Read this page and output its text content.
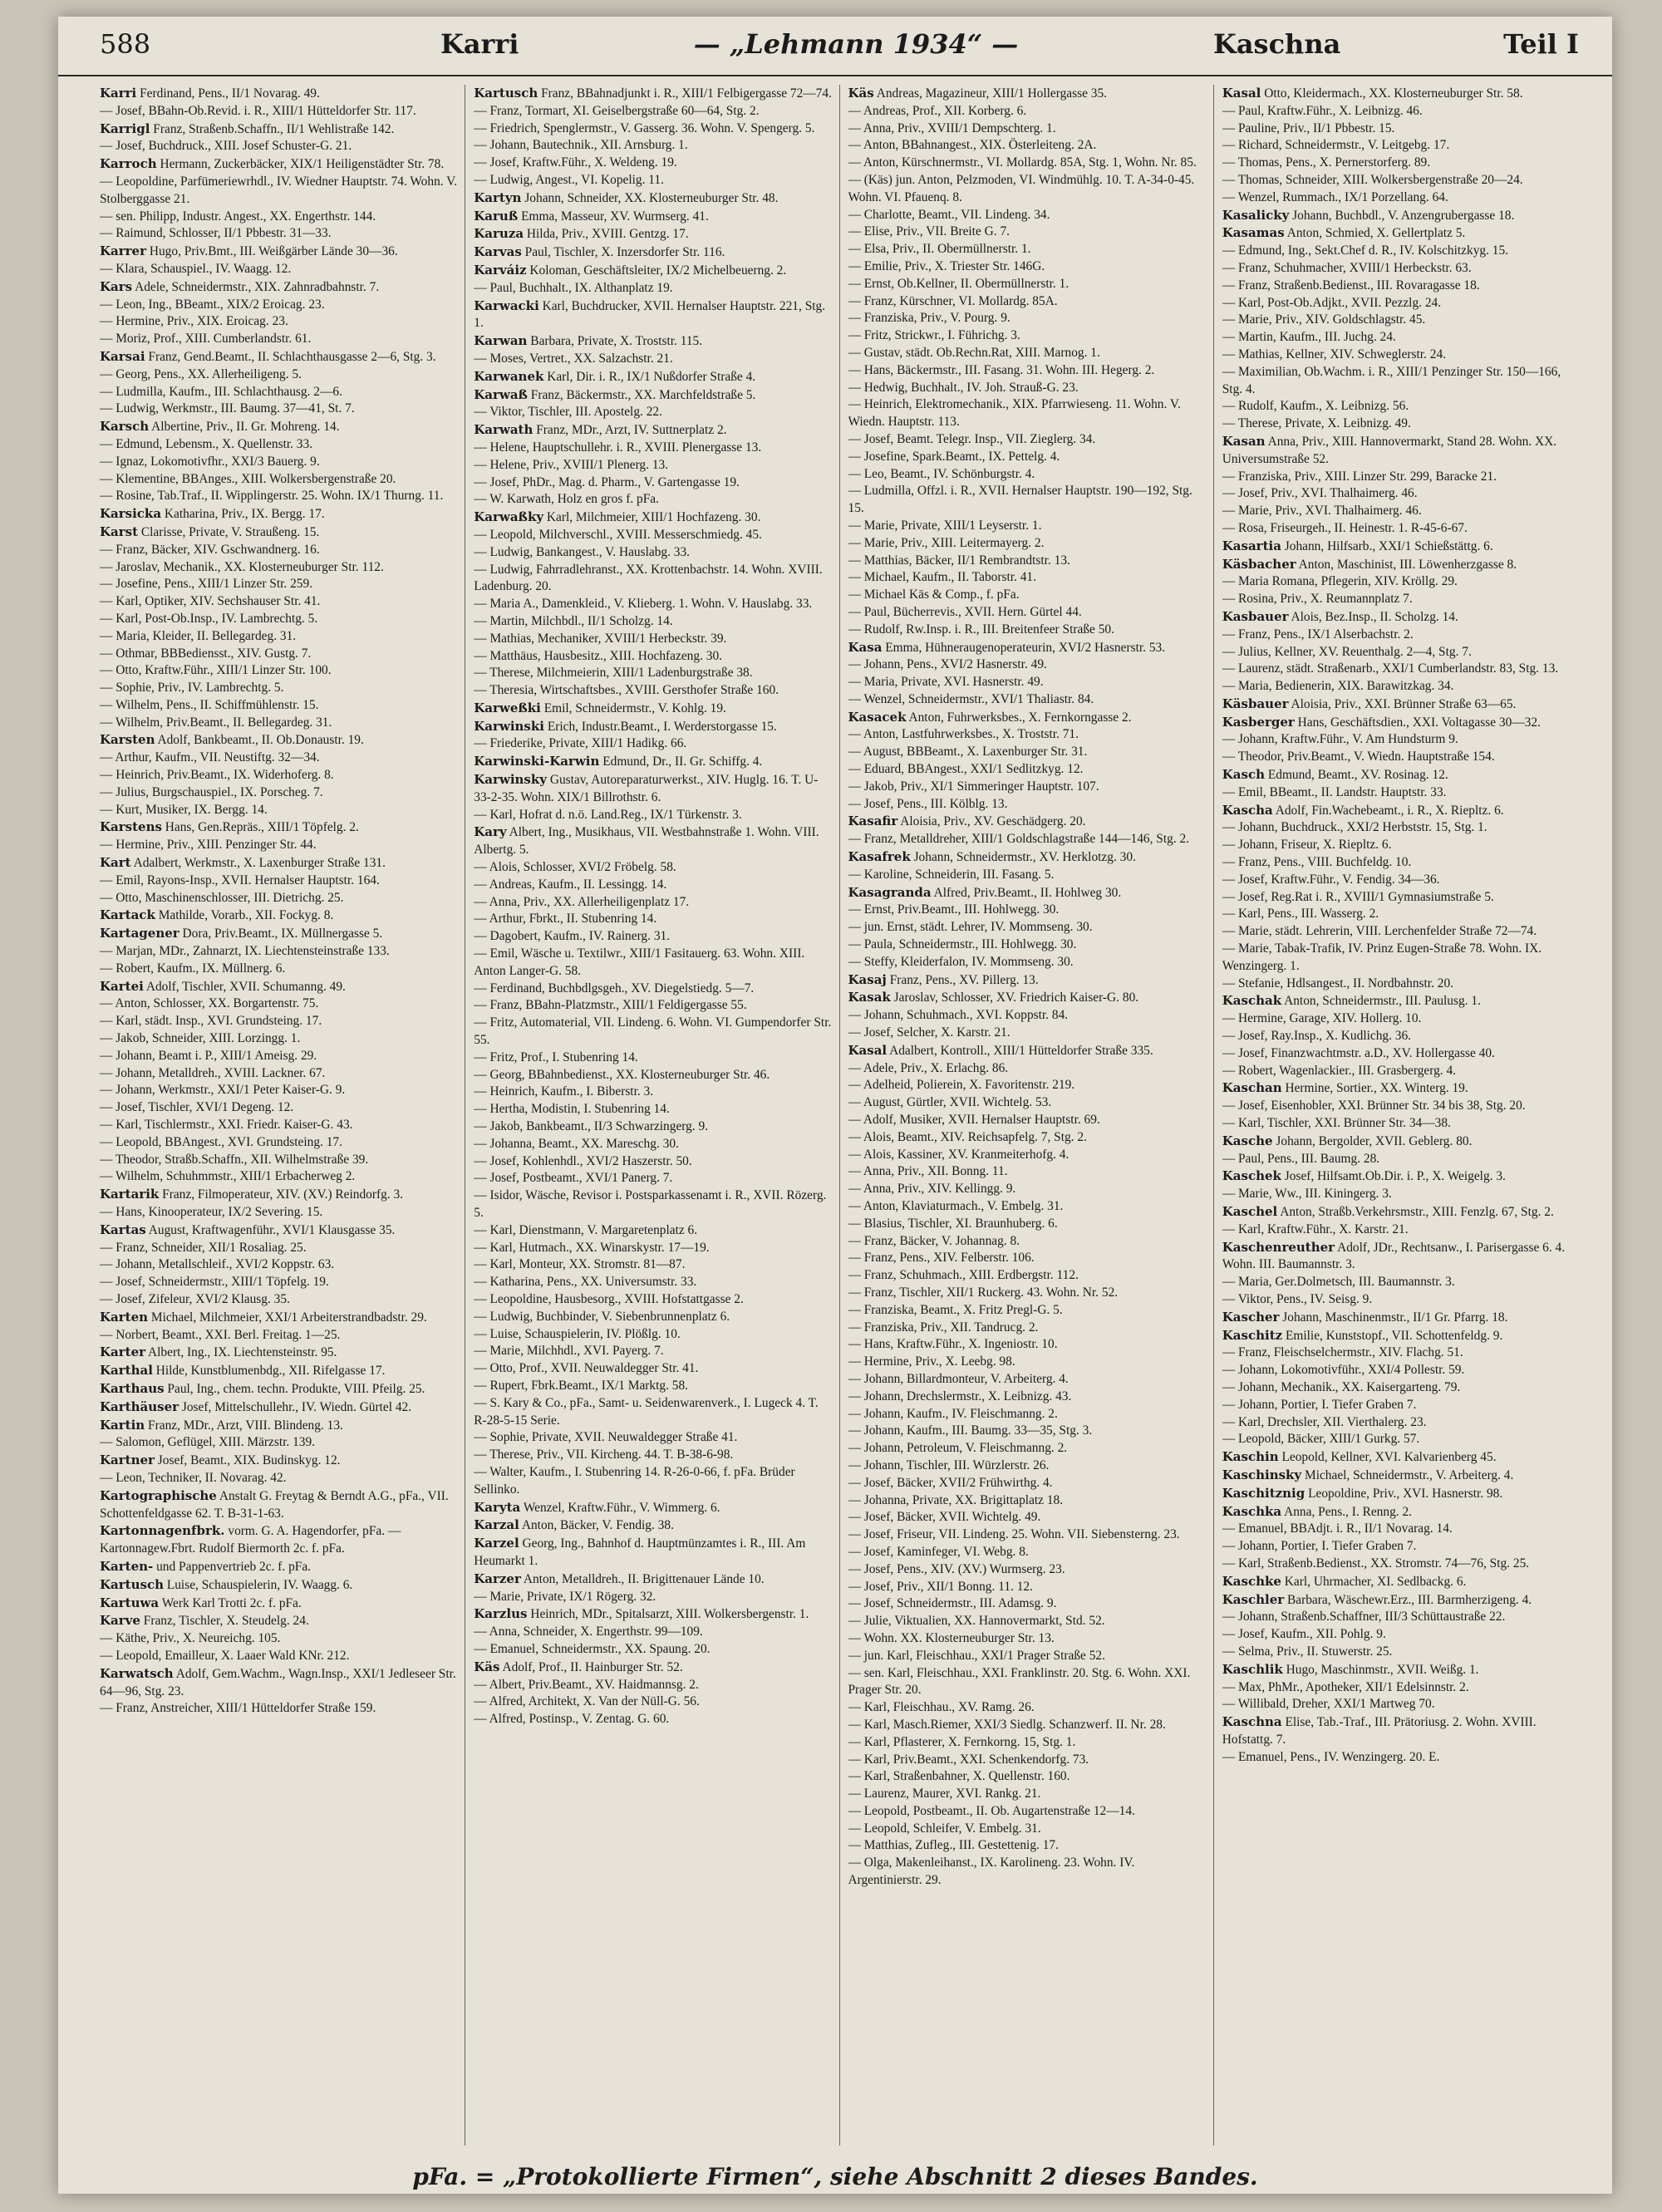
588	Karri	— „Lehmann 1934“ —	Kaschna	Teil I

Karri Ferdinand, Pens., II/1 Novarag. 49.

— Josef, BBahn-Ob.Revid. i. R., XIII/1 Hütteldorfer Str. 117.

Karrigl Franz, Straßenb.Schaffn., II/1 Wehlistraße 142.

— Josef, Buchdruck., XIII. Josef Schuster-G. 21.

Karroch Hermann, Zuckerbäcker, XIX/1 Heiligenstädter Str. 78.

— Leopoldine, Parfümeriewrhdl., IV. Wiedner Hauptstr. 74. Wohn. V. Stolberggasse 21.

— sen. Philipp, Industr. Angest., XX. Engerthstr. 144.

— Raimund, Schlosser, II/1 Pbbestr. 31—33.

Karrer Hugo, Priv.Bmt., III. Weißgärber Lände 30—36.

— Klara, Schauspiel., IV. Waagg. 12.

Kars Adele, Schneidermstr., XIX. Zahnradbahnstr. 7.

— Leon, Ing., BBeamt., XIX/2 Eroicag. 23.

— Hermine, Priv., XIX. Eroicag. 23.

— Moriz, Prof., XIII. Cumberlandstr. 61.

Karsai Franz, Gend.Beamt., II. Schlachthausgasse 2—6, Stg. 3.

— Georg, Pens., XX. Allerheiligeng. 5.

— Ludmilla, Kaufm., III. Schlachthausg. 2—6.

— Ludwig, Werkmstr., III. Baumg. 37—41, St. 7.

Karsch Albertine, Priv., II. Gr. Mohreng. 14.

— Edmund, Lebensm., X. Quellenstr. 33.

— Ignaz, Lokomotivfhr., XXI/3 Bauerg. 9.

— Klementine, BBAnges., XIII. Wolkersbergenstraße 20.

— Rosine, Tab.Traf., II. Wipplingerstr. 25. Wohn. IX/1 Thurng. 11.

Karsicka Katharina, Priv., IX. Bergg. 17.

Karst Clarisse, Private, V. Straußeng. 15.

— Franz, Bäcker, XIV. Gschwandnerg. 16.

— Jaroslav, Mechanik., XX. Klosterneuburger Str. 112.

— Josefine, Pens., XIII/1 Linzer Str. 259.

— Karl, Optiker, XIV. Sechshauser Str. 41.

— Karl, Post-Ob.Insp., IV. Lambrechtg. 5.

— Maria, Kleider, II. Bellegardeg. 31.

— Othmar, BBBediensst., XIV. Gustg. 7.

— Otto, Kraftw.Führ., XIII/1 Linzer Str. 100.

— Sophie, Priv., IV. Lambrechtg. 5.

— Wilhelm, Pens., II. Schiffmühlenstr. 15.

— Wilhelm, Priv.Beamt., II. Bellegardeg. 31.

Karsten Adolf, Bankbeamt., II. Ob.Donaustr. 19.

— Arthur, Kaufm., VII. Neustiftg. 32—34.

— Heinrich, Priv.Beamt., IX. Widerhoferg. 8.

— Julius, Burgschauspiel., IX. Porscheg. 7.

— Kurt, Musiker, IX. Bergg. 14.

Karstens Hans, Gen.Repräs., XIII/1 Töpfelg. 2.

— Hermine, Priv., XIII. Penzinger Str. 44.

Kart Adalbert, Werkmstr., X. Laxenburger Straße 131.

— Emil, Rayons-Insp., XVII. Hernalser Hauptstr. 164.

— Otto, Maschinenschlosser, III. Dietrichg. 25.

Kartack Mathilde, Vorarb., XII. Fockyg. 8.

Kartagener Dora, Priv.Beamt., IX. Müllnergasse 5.

— Marjan, MDr., Zahnarzt, IX. Liechtensteinstraße 133.

— Robert, Kaufm., IX. Müllnerg. 6.

Kartei Adolf, Tischler, XVII. Schumanng. 49.

— Anton, Schlosser, XX. Borgartenstr. 75.

— Karl, städt. Insp., XVI. Grundsteing. 17.

— Jakob, Schneider, XIII. Lorzingg. 1.

— Johann, Beamt i. P., XIII/1 Ameisg. 29.

— Johann, Metalldreh., XVIII. Lackner. 67.

— Johann, Werkmstr., XXI/1 Peter Kaiser-G. 9.

— Josef, Tischler, XVI/1 Degeng. 12.

— Karl, Tischlermstr., XXI. Friedr. Kaiser-G. 43.

— Leopold, BBAngest., XVI. Grundsteing. 17.

— Theodor, Straßb.Schaffn., XII. Wilhelmstraße 39.

— Wilhelm, Schuhmmstr., XIII/1 Erbacherweg 2.

Kartarik Franz, Filmoperateur, XIV. (XV.) Reindorfg. 3.

— Hans, Kinooperateur, IX/2 Severing. 15.

Kartas August, Kraftwagenführ., XVI/1 Klausgasse 35.

— Franz, Schneider, XII/1 Rosaliag. 25.

— Johann, Metallschleif., XVI/2 Koppstr. 63.

— Josef, Schneidermstr., XIII/1 Töpfelg. 19.

— Josef, Zifeleur, XVI/2 Klausg. 35.

Karten Michael, Milchmeier, XXI/1 Arbeiterstrandbadstr. 29.

— Norbert, Beamt., XXI. Berl. Freitag. 1—25.

Karter Albert, Ing., IX. Liechtensteinstr. 95.

Karthal Hilde, Kunstblumenbdg., XII. Rifelgasse 17.

Karthaus Paul, Ing., chem. techn. Produkte, VIII. Pfeilg. 25.

Karthäuser Josef, Mittelschullehr., IV. Wiedn. Gürtel 42.

Kartin Franz, MDr., Arzt, VIII. Blindeng. 13.

— Salomon, Geflügel, XIII. Märzstr. 139.

Kartner Josef, Beamt., XIX. Budinskyg. 12.

— Leon, Techniker, II. Novarag. 42.

Kartographische Anstalt G. Freytag & Berndt A.G., pFa., VII. Schottenfeldgasse 62. T. B-31-1-63.

Kartonnagenfbrk. vorm. G. A. Hagendorfer, pFa. — Kartonnagew.Fbrt. Rudolf Biermorth 2c. f. pFa.

Karten- und Pappenvertrieb 2c. f. pFa.

Kartusch Luise, Schauspielerin, IV. Waagg. 6.

Kartuwa Werk Karl Trotti 2c. f. pFa.

Karve Franz, Tischler, X. Steudelg. 24.

— Käthe, Priv., X. Neureichg. 105.

— Leopold, Emailleur, X. Laaer Wald KNr. 212.

Karwatsch Adolf, Gem.Wachm., Wagn.Insp., XXI/1 Jedleseer Str. 64—96, Stg. 23.

— Franz, Anstreicher, XIII/1 Hütteldorfer Straße 159.

Kartusch Franz, BBahnadjunkt i. R., XIII/1 Felbigergasse 72—74.

— Franz, Tormart, XI. Geiselbergstraße 60—64, Stg. 2.

— Friedrich, Spenglermstr., V. Gasserg. 36. Wohn. V. Spengerg. 5.

— Johann, Bautechnik., XII. Arnsburg. 1.

— Josef, Kraftw.Führ., X. Weldeng. 19.

— Ludwig, Angest., VI. Kopelig. 11.

Kartyn Johann, Schneider, XX. Klosterneuburger Str. 48.

Karuß Emma, Masseur, XV. Wurmserg. 41.

Karuza Hilda, Priv., XVIII. Gentzg. 17.

Karvas Paul, Tischler, X. Inzersdorfer Str. 116.

Karváiz Koloman, Geschäftsleiter, IX/2 Michelbeuerng. 2.

— Paul, Buchhalt., IX. Althanplatz 19.

Karwacki Karl, Buchdrucker, XVII. Hernalser Hauptstr. 221, Stg. 1.

Karwan Barbara, Private, X. Troststr. 115.

— Moses, Vertret., XX. Salzachstr. 21.

Karwanek Karl, Dir. i. R., IX/1 Nußdorfer Straße 4.

Karwaß Franz, Bäckermstr., XX. Marchfeldstraße 5.

— Viktor, Tischler, III. Apostelg. 22.

Karwath Franz, MDr., Arzt, IV. Suttnerplatz 2.

— Helene, Hauptschullehr. i. R., XVIII. Plenergasse 13.

— Helene, Priv., XVIII/1 Plenerg. 13.

— Josef, PhDr., Mag. d. Pharm., V. Gartengasse 19.

— W. Karwath, Holz en gros f. pFa.

Karwaßky Karl, Milchmeier, XIII/1 Hochfazeng. 30.

— Leopold, Milchverschl., XVIII. Messerschmiedg. 45.

— Ludwig, Bankangest., V. Hauslabg. 33.

— Ludwig, Fahrradlehranst., XX. Krottenbachstr. 14. Wohn. XVIII. Ladenburg. 20.

— Maria A., Damenkleid., V. Klieberg. 1. Wohn. V. Hauslabg. 33.

— Martin, Milchbdl., II/1 Scholzg. 14.

— Mathias, Mechaniker, XVIII/1 Herbeckstr. 39.

— Matthäus, Hausbesitz., XIII. Hochfazeng. 30.

— Therese, Milchmeierin, XIII/1 Ladenburgstraße 38.

— Theresia, Wirtschaftsbes., XVIII. Gersthofer Straße 160.

Karweßki Emil, Schneidermstr., V. Kohlg. 19.

Karwinski Erich, Industr.Beamt., I. Werderstorgasse 15.

— Friederike, Private, XIII/1 Hadikg. 66.

Karwinski-Karwin Edmund, Dr., II. Gr. Schiffg. 4.

Karwinsky Gustav, Autoreparaturwerkst., XIV. Huglg. 16. T. U-33-2-35. Wohn. XIX/1 Billrothstr. 6.

— Karl, Hofrat d. n.ö. Land.Reg., IX/1 Türkenstr. 3.

Kary Albert, Ing., Musikhaus, VII. Westbahnstraße 1. Wohn. VIII. Albertg. 5.

— Alois, Schlosser, XVI/2 Fröbelg. 58.

— Andreas, Kaufm., II. Lessingg. 14.

— Anna, Priv., XX. Allerheiligenplatz 17.

— Arthur, Fbrkt., II. Stubenring 14.

— Dagobert, Kaufm., IV. Rainerg. 31.

— Emil, Wäsche u. Textilwr., XIII/1 Fasitauerg. 63. Wohn. XIII. Anton Langer-G. 58.

— Ferdinand, Buchbdlgsgeh., XV. Diegelstiedg. 5—7.

— Franz, BBahn-Platzmstr., XIII/1 Feldigergasse 55.

— Fritz, Automaterial, VII. Lindeng. 6. Wohn. VI. Gumpendorfer Str. 55.

— Fritz, Prof., I. Stubenring 14.

— Georg, BBahnbedienst., XX. Klosterneuburger Str. 46.

— Heinrich, Kaufm., I. Biberstr. 3.

— Hertha, Modistin, I. Stubenring 14.

— Jakob, Bankbeamt., II/3 Schwarzingerg. 9.

— Johanna, Beamt., XX. Mareschg. 30.

— Josef, Kohlenhdl., XVI/2 Haszerstr. 50.

— Josef, Postbeamt., XVI/1 Panerg. 7.

— Isidor, Wäsche, Revisor i. Postsparkassenamt i. R., XVII. Rözerg. 5.

— Karl, Dienstmann, V. Margaretenplatz 6.

— Karl, Hutmach., XX. Winarskystr. 17—19.

— Karl, Monteur, XX. Stromstr. 81—87.

— Katharina, Pens., XX. Universumstr. 33.

— Leopoldine, Hausbesorg., XVIII. Hofstattgasse 2.

— Ludwig, Buchbinder, V. Siebenbrunnenplatz 6.

— Luise, Schauspielerin, IV. Plößlg. 10.

— Marie, Milchhdl., XVI. Payerg. 7.

— Otto, Prof., XVII. Neuwaldegger Str. 41.

— Rupert, Fbrk.Beamt., IX/1 Marktg. 58.

— S. Kary & Co., pFa., Samt- u. Seidenwarenverk., I. Lugeck 4. T. R-28-5-15 Serie.

— Sophie, Private, XVII. Neuwaldegger Straße 41.

— Therese, Priv., VII. Kircheng. 44. T. B-38-6-98.

— Walter, Kaufm., I. Stubenring 14. R-26-0-66, f. pFa. Brüder Sellinko.

Karyta Wenzel, Kraftw.Führ., V. Wimmerg. 6.

Karzal Anton, Bäcker, V. Fendig. 38.

Karzel Georg, Ing., Bahnhof d. Hauptmünzamtes i. R., III. Am Heumarkt 1.

Karzer Anton, Metalldreh., II. Brigittenauer Lände 10.

— Marie, Private, IX/1 Rögerg. 32.

Karzlus Heinrich, MDr., Spitalsarzt, XIII. Wolkersbergenstr. 1.

— Anna, Schneider, X. Engerthstr. 99—109.

— Emanuel, Schneidermstr., XX. Spaung. 20.

Käs Adolf, Prof., II. Hainburger Str. 52.

— Albert, Priv.Beamt., XV. Haidmannsg. 2.

— Alfred, Architekt, X. Van der Nüll-G. 56.

— Alfred, Postinsp., V. Zentag. G. 60.

Käs Andreas, Magazineur, XIII/1 Hollergasse 35.

— Andreas, Prof., XII. Korberg. 6.

— Anna, Priv., XVIII/1 Dempschterg. 1.

— Anton, BBahnangest., XIX. Österleiteng. 2A.

— Anton, Kürschnermstr., VI. Mollardg. 85A, Stg. 1, Wohn. Nr. 85.

— (Käs) jun. Anton, Pelzmoden, VI. Windmühlg. 10. T. A-34-0-45. Wohn. VI. Pfauenq. 8.

— Charlotte, Beamt., VII. Lindeng. 34.

— Elise, Priv., VII. Breite G. 7.

— Elsa, Priv., II. Obermüllnerstr. 1.

— Emilie, Priv., X. Triester Str. 146G.

— Ernst, Ob.Kellner, II. Obermüllnerstr. 1.

— Franz, Kürschner, VI. Mollardg. 85A.

— Franziska, Priv., V. Pourg. 9.

— Fritz, Strickwr., I. Führichg. 3.

— Gustav, städt. Ob.Rechn.Rat, XIII. Marnog. 1.

— Hans, Bäckermstr., III. Fasang. 31. Wohn. III. Hegerg. 2.

— Hedwig, Buchhalt., IV. Joh. Strauß-G. 23.

— Heinrich, Elektromechanik., XIX. Pfarrwieseng. 11. Wohn. V. Wiedn. Hauptstr. 113.

— Josef, Beamt. Telegr. Insp., VII. Zieglerg. 34.

— Josefine, Spark.Beamt., IX. Pettelg. 4.

— Leo, Beamt., IV. Schönburgstr. 4.

— Ludmilla, Offzl. i. R., XVII. Hernalser Hauptstr. 190—192, Stg. 15.

— Marie, Private, XIII/1 Leyserstr. 1.

— Marie, Priv., XIII. Leitermayerg. 2.

— Matthias, Bäcker, II/1 Rembrandtstr. 13.

— Michael, Kaufm., II. Taborstr. 41.

— Michael Käs & Comp., f. pFa.

— Paul, Bücherrevis., XVII. Hern. Gürtel 44.

— Rudolf, Rw.Insp. i. R., III. Breitenfeer Straße 50.

Kasa Emma, Hühneraugenoperateurin, XVI/2 Hasnerstr. 53.

— Johann, Pens., XVI/2 Hasnerstr. 49.

— Maria, Private, XVI. Hasnerstr. 49.

— Wenzel, Schneidermstr., XVI/1 Thaliastr. 84.

Kasacek Anton, Fuhrwerksbes., X. Fernkorngasse 2.

— Anton, Lastfuhrwerksbes., X. Troststr. 71.

— August, BBBeamt., X. Laxenburger Str. 31.

— Eduard, BBAngest., XXI/1 Sedlitzkyg. 12.

— Jakob, Priv., XI/1 Simmeringer Hauptstr. 107.

— Josef, Pens., III. Kölblg. 13.

Kasafir Aloisia, Priv., XV. Geschädgerg. 20.

— Franz, Metalldreher, XIII/1 Goldschlagstraße 144—146, Stg. 2.

Kasafrek Johann, Schneidermstr., XV. Herklotzg. 30.

— Karoline, Schneiderin, III. Fasang. 5.

Kasagranda Alfred, Priv.Beamt., II. Hohlweg 30.

— Ernst, Priv.Beamt., III. Hohlwegg. 30.

— jun. Ernst, städt. Lehrer, IV. Mommseng. 30.

— Paula, Schneidermstr., III. Hohlwegg. 30.

— Steffy, Kleiderfalon, IV. Mommseng. 30.

Kasaj Franz, Pens., XV. Pillerg. 13.

Kasak Jaroslav, Schlosser, XV. Friedrich Kaiser-G. 80.

— Johann, Schuhmach., XVI. Koppstr. 84.

— Josef, Selcher, X. Karstr. 21.

Kasal Adalbert, Kontroll., XIII/1 Hütteldorfer Straße 335.

— Adele, Priv., X. Erlachg. 86.

— Adelheid, Polierein, X. Favoritenstr. 219.

— August, Gürtler, XVII. Wichtelg. 53.

— Adolf, Musiker, XVII. Hernalser Hauptstr. 69.

— Alois, Beamt., XIV. Reichsapfelg. 7, Stg. 2.

— Alois, Kassiner, XV. Kranmeiterhofg. 4.

— Anna, Priv., XII. Bonng. 11.

— Anna, Priv., XIV. Kellingg. 9.

— Anton, Klaviaturmach., V. Embelg. 31.

— Blasius, Tischler, XI. Braunhuberg. 6.

— Franz, Bäcker, V. Johannag. 8.

— Franz, Pens., XIV. Felberstr. 106.

— Franz, Schuhmach., XIII. Erdbergstr. 112.

— Franz, Tischler, XII/1 Ruckerg. 43. Wohn. Nr. 52.

— Franziska, Beamt., X. Fritz Pregl-G. 5.

— Franziska, Priv., XII. Tandrucg. 2.

— Hans, Kraftw.Führ., X. Ingeniostr. 10.

— Hermine, Priv., X. Leebg. 98.

— Johann, Billardmonteur, V. Arbeiterg. 4.

— Johann, Drechslermstr., X. Leibnizg. 43.

— Johann, Kaufm., IV. Fleischmanng. 2.

— Johann, Kaufm., III. Baumg. 33—35, Stg. 3.

— Johann, Petroleum, V. Fleischmanng. 2.

— Johann, Tischler, III. Würzlerstr. 26.

— Josef, Bäcker, XVII/2 Frühwirthg. 4.

— Johanna, Private, XX. Brigittaplatz 18.

— Josef, Bäcker, XVII. Wichtelg. 49.

— Josef, Friseur, VII. Lindeng. 25. Wohn. VII. Siebensterng. 23.

— Josef, Kaminfeger, VI. Webg. 8.

— Josef, Pens., XIV. (XV.) Wurmserg. 23.

— Josef, Priv., XII/1 Bonng. 11. 12.

— Josef, Schneidermstr., III. Adamsg. 9.

— Julie, Viktualien, XX. Hannovermarkt, Std. 52.

— Wohn. XX. Klosterneuburger Str. 13.

— jun. Karl, Fleischhau., XXI/1 Prager Straße 52.

— sen. Karl, Fleischhau., XXI. Franklinstr. 20. Stg. 6. Wohn. XXI. Prager Str. 20.

— Karl, Fleischhau., XV. Ramg. 26.

— Karl, Masch.Riemer, XXI/3 Siedlg. Schanzwerf. II. Nr. 28.

— Karl, Pflasterer, X. Fernkorng. 15, Stg. 1.

— Karl, Priv.Beamt., XXI. Schenkendorfg. 73.

— Karl, Straßenbahner, X. Quellenstr. 160.

— Laurenz, Maurer, XVI. Rankg. 21.

— Leopold, Postbeamt., II. Ob. Augartenstraße 12—14.

— Leopold, Schleifer, V. Embelg. 31.

— Matthias, Zufleg., III. Gestettenig. 17.

— Olga, Makenleihanst., IX. Karolineng. 23. Wohn. IV. Argentinierstr. 29.

Kasal Otto, Kleidermach., XX. Klosterneuburger Str. 58.

— Paul, Kraftw.Führ., X. Leibnizg. 46.

— Pauline, Priv., II/1 Pbbestr. 15.

— Richard, Schneidermstr., V. Leitgebg. 17.

— Thomas, Pens., X. Pernerstorferg. 89.

— Thomas, Schneider, XIII. Wolkersbergenstraße 20—24.

— Wenzel, Rummach., IX/1 Porzellang. 64.

Kasalicky Johann, Buchbdl., V. Anzengrubergasse 18.

Kasamas Anton, Schmied, X. Gellertplatz 5.

— Edmund, Ing., Sekt.Chef d. R., IV. Kolschitzkyg. 15.

— Franz, Schuhmacher, XVIII/1 Herbeckstr. 63.

— Franz, Straßenb.Bedienst., III. Rovaragasse 18.

— Karl, Post-Ob.Adjkt., XVII. Pezzlg. 24.

— Marie, Priv., XIV. Goldschlagstr. 45.

— Martin, Kaufm., III. Juchg. 24.

— Mathias, Kellner, XIV. Schweglerstr. 24.

— Maximilian, Ob.Wachm. i. R., XIII/1 Penzinger Str. 150—166, Stg. 4.

— Rudolf, Kaufm., X. Leibnizg. 56.

— Therese, Private, X. Leibnizg. 49.

Kasan Anna, Priv., XIII. Hannovermarkt, Stand 28. Wohn. XX. Universumstraße 52.

— Franziska, Priv., XIII. Linzer Str. 299, Baracke 21.

— Josef, Priv., XVI. Thalhaimerg. 46.

— Marie, Priv., XVI. Thalhaimerg. 46.

— Rosa, Friseurgeh., II. Heinestr. 1. R-45-6-67.

Kasartia Johann, Hilfsarb., XXI/1 Schießstättg. 6.

Käsbacher Anton, Maschinist, III. Löwenherzgasse 8.

— Maria Romana, Pflegerin, XIV. Kröllg. 29.

— Rosina, Priv., X. Reumannplatz 7.

Kasbauer Alois, Bez.Insp., II. Scholzg. 14.

— Franz, Pens., IX/1 Alserbachstr. 2.

— Julius, Kellner, XV. Reuenthalg. 2—4, Stg. 7.

— Laurenz, städt. Straßenarb., XXI/1 Cumberlandstr. 83, Stg. 13.

— Maria, Bedienerin, XIX. Barawitzkag. 34.

Käsbauer Aloisia, Priv., XXI. Brünner Straße 63—65.

Kasberger Hans, Geschäftsdien., XXI. Voltagasse 30—32.

— Johann, Kraftw.Führ., V. Am Hundsturm 9.

— Theodor, Priv.Beamt., V. Wiedn. Hauptstraße 154.

Kasch Edmund, Beamt., XV. Rosinag. 12.

— Emil, BBeamt., II. Landstr. Hauptstr. 33.

Kascha Adolf, Fin.Wachebeamt., i. R., X. Riepltz. 6.

— Johann, Buchdruck., XXI/2 Herbststr. 15, Stg. 1.

— Johann, Friseur, X. Riepltz. 6.

— Franz, Pens., VIII. Buchfeldg. 10.

— Josef, Kraftw.Führ., V. Fendig. 34—36.

— Josef, Reg.Rat i. R., XVIII/1 Gymnasiumstraße 5.

— Karl, Pens., III. Wasserg. 2.

— Marie, städt. Lehrerin, VIII. Lerchenfelder Straße 72—74.

— Marie, Tabak-Trafik, IV. Prinz Eugen-Straße 78. Wohn. IX. Wenzingerg. 1.

— Stefanie, Hdlsangest., II. Nordbahnstr. 20.

Kaschak Anton, Schneidermstr., III. Paulusg. 1.

— Hermine, Garage, XIV. Hollerg. 10.

— Josef, Ray.Insp., X. Kudlichg. 36.

— Josef, Finanzwachtmstr. a.D., XV. Hollergasse 40.

— Robert, Wagenlackier., III. Grasbergerg. 4.

Kaschan Hermine, Sortier., XX. Winterg. 19.

— Josef, Eisenhobler, XXI. Brünner Str. 34 bis 38, Stg. 20.

— Karl, Tischler, XXI. Brünner Str. 34—38.

Kasche Johann, Bergolder, XVII. Geblerg. 80.

— Paul, Pens., III. Baumg. 28.

Kaschek Josef, Hilfsamt.Ob.Dir. i. P., X. Weigelg. 3.

— Marie, Ww., III. Kiningerg. 3.

Kaschel Anton, Straßb.Verkehrsmstr., XIII. Fenzlg. 67, Stg. 2.

— Karl, Kraftw.Führ., X. Karstr. 21.

Kaschenreuther Adolf, JDr., Rechtsanw., I. Parisergasse 6. 4. Wohn. III. Baumannstr. 3.

— Maria, Ger.Dolmetsch, III. Baumannstr. 3.

— Viktor, Pens., IV. Seisg. 9.

Kascher Johann, Maschinenmstr., II/1 Gr. Pfarrg. 18.

Kaschitz Emilie, Kunststopf., VII. Schottenfeldg. 9.

— Franz, Fleischselchermstr., XIV. Flachg. 51.

— Johann, Lokomotivführ., XXI/4 Pollestr. 59.

— Johann, Mechanik., XX. Kaisergarteng. 79.

— Johann, Portier, I. Tiefer Graben 7.

— Karl, Drechsler, XII. Vierthalerg. 23.

— Leopold, Bäcker, XIII/1 Gurkg. 57.

Kaschin Leopold, Kellner, XVI. Kalvarienberg 45.

Kaschinsky Michael, Schneidermstr., V. Arbeiterg. 4.

Kaschitznig Leopoldine, Priv., XVI. Hasnerstr. 98.

Kaschka Anna, Pens., I. Renng. 2.

— Emanuel, BBAdjt. i. R., II/1 Novarag. 14.

— Johann, Portier, I. Tiefer Graben 7.

— Karl, Straßenb.Bedienst., XX. Stromstr. 74—76, Stg. 25.

Kaschke Karl, Uhrmacher, XI. Sedlbackg. 6.

Kaschler Barbara, Wäschewr.Erz., III. Barmherzigeng. 4.

— Johann, Straßenb.Schaffner, III/3 Schüttaustraße 22.

— Josef, Kaufm., XII. Pohlg. 9.

— Selma, Priv., II. Stuwerstr. 25.

Kaschlik Hugo, Maschinmstr., XVII. Weißg. 1.

— Max, PhMr., Apotheker, XII/1 Edelsinnstr. 2.

— Willibald, Dreher, XXI/1 Martweg 70.

Kaschna Elise, Tab.-Traf., III. Prätoriusg. 2. Wohn. XVIII. Hofstattg. 7.

— Emanuel, Pens., IV. Wenzingerg. 20. E.

pFa. = „Protokollierte Firmen“, siehe Abschnitt 2 dieses Bandes.
